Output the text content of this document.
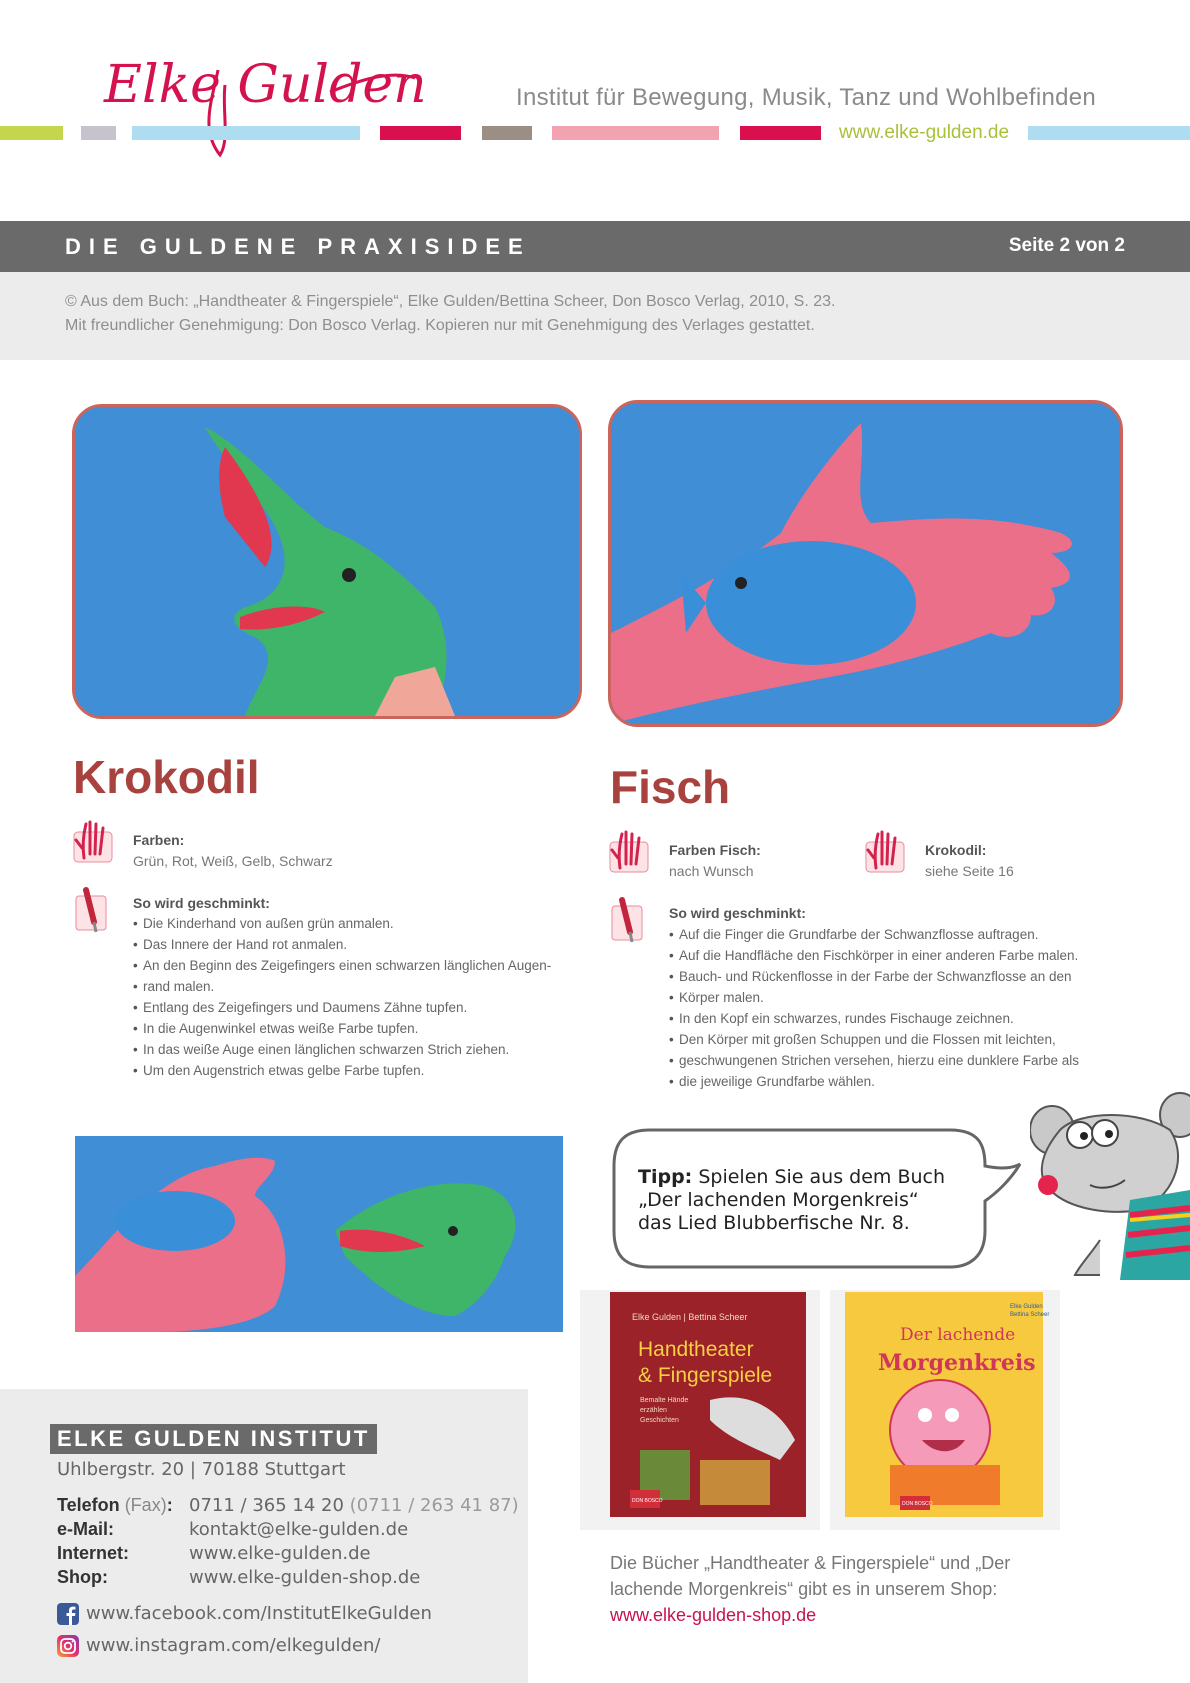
Elke Gulden	Institut für Bewegung, Musik, Tanz und Wohlbefinden
www.elke-gulden.de
DIE GULDENE PRAXISIDEE	Seite 2 von 2
© Aus dem Buch: „Handtheater & Fingerspiele“, Elke Gulden/Bettina Scheer, Don Bosco Verlag, 2010, S. 23.
Mit freundlicher Genehmigung: Don Bosco Verlag. Kopieren nur mit Genehmigung des Verlages gestattet.
Krokodil
Farben:
Grün, Rot, Weiß, Gelb, Schwarz
So wird geschminkt:
• Die Kinderhand von außen grün anmalen.
• Das Innere der Hand rot anmalen.
• An den Beginn des Zeigefingers einen schwarzen länglichen Augen-
• rand malen.
• Entlang des Zeigefingers und Daumens Zähne tupfen.
• In die Augenwinkel etwas weiße Farbe tupfen.
• In das weiße Auge einen länglichen schwarzen Strich ziehen.
• Um den Augenstrich etwas gelbe Farbe tupfen.
Fisch
Farben Fisch:
nach Wunsch
Krokodil:
siehe Seite 16
So wird geschminkt:
• Auf die Finger die Grundfarbe der Schwanzflosse auftragen.
• Auf die Handfläche den Fischkörper in einer anderen Farbe malen.
• Bauch- und Rückenflosse in der Farbe der Schwanzflosse an den
• Körper malen.
• In den Kopf ein schwarzes, rundes Fischauge zeichnen.
• Den Körper mit großen Schuppen und die Flossen mit leichten,
• geschwungenen Strichen versehen, hierzu eine dunklere Farbe als
• die jeweilige Grundfarbe wählen.
Tipp: Spielen Sie aus dem Buch
„Der lachenden Morgenkreis“
das Lied Blubberfische Nr. 8.
Elke Gulden | Bettina Scheer
Handtheater
& Fingerspiele
Bemalte Hände
erzählen
Geschichten
DON BOSCO
Elke Gulden
Bettina Scheer
Der lachende
Morgenkreis
DON BOSCO
Die Bücher „Handtheater & Fingerspiele“ und „Der
lachende Morgenkreis“ gibt es in unserem Shop:
www.elke-gulden-shop.de
ELKE GULDEN INSTITUT
Uhlbergstr. 20 | 70188 Stuttgart
Telefon (Fax): 0711 / 365 14 20 (0711 / 263 41 87)
e-Mail:	kontakt@elke-gulden.de
Internet:	www.elke-gulden.de
Shop:	www.elke-gulden-shop.de
www.facebook.com/InstitutElkeGulden
www.instagram.com/elkegulden/
